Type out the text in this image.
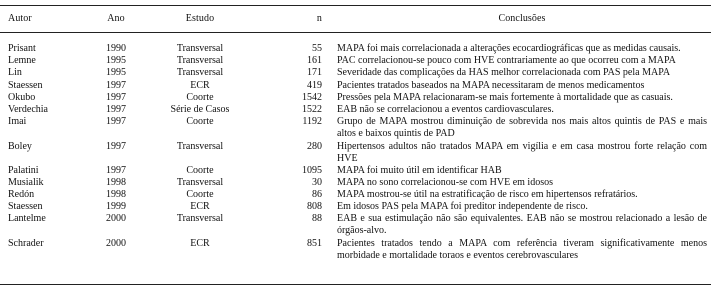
Autor	Ano	Estudo	n	Conclusões
Prisant	1990	Transversal	55 MAPA foi mais correlacionada a alterações ecocardiográficas que as medidas causais.
Lemne	1995	Transversal	161 PAC correlacionou-se pouco com HVE contrariamente ao que ocorreu com a MAPA
Lin	1995	Transversal	171 Severidade das complicações da HAS melhor correlacionada com PAS pela MAPA
Staessen	1997	ECR	419 Pacientes tratados baseados na MAPA necessitaram de menos medicamentos
Okubo	1997	Coorte	1542 Pressões pela MAPA relacionaram-se mais fortemente à mortalidade que as casuais.
Verdechia	1997	Série de Casos	1522 EAB não se correlacionou a eventos cardiovasculares.
Imai	1997	Coorte	1192 Grupo de MAPA mostrou diminuição de sobrevida nos mais altos quintis de PAS e mais altos e baixos quintis de PAD
Boley	1997	Transversal	280 Hipertensos adultos não tratados MAPA em vigília e em casa mostrou forte relação com HVE
Palatini	1997	Coorte	1095 MAPA foi muito útil em identificar HAB
Musialik	1998	Transversal	30 MAPA no sono correlacionou-se com HVE em idosos
Redón	1998	Coorte	86 MAPA mostrou-se útil na estratificação de risco em hipertensos refratários.
Staessen	1999	ECR	808 Em idosos PAS pela MAPA foi preditor independente de risco.
Lantelme	2000	Transversal	88 EAB e sua estimulação não são equivalentes. EAB não se mostrou relacionado a lesão de órgãos-alvo.
Schrader	2000	ECR	851 Pacientes tratados tendo a MAPA com referência tiveram significativamente menos morbidade e mortalidade toraos e eventos cerebrovasculares
